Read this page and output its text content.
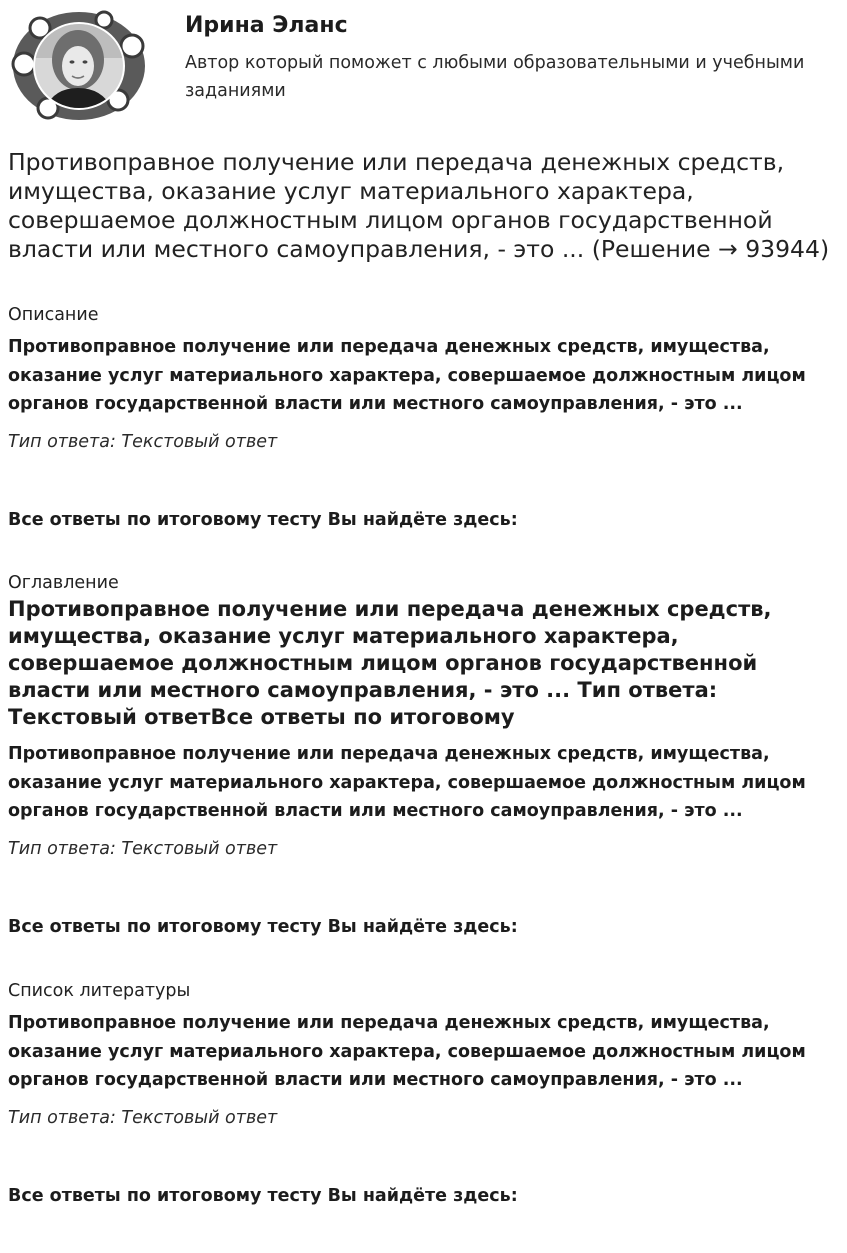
Ирина Эланс

Автор который поможет с любыми образовательными и учебными заданиями

Противоправное получение или передача денежных средств, имущества, оказание услуг материального характера, совершаемое должностным лицом органов государственной власти или местного самоуправления, - это ... (Решение → 93944)

Описание

Противоправное получение или передача денежных средств, имущества, оказание услуг материального характера, совершаемое должностным лицом органов государственной власти или местного самоуправления, - это ...

Тип ответа: Текстовый ответ

Все ответы по итоговому тесту Вы найдёте здесь:

Оглавление

Противоправное получение или передача денежных средств, имущества, оказание услуг материального характера, совершаемое должностным лицом органов государственной власти или местного самоуправления, - это ... Тип ответа: Текстовый ответВсе ответы по итоговому

Противоправное получение или передача денежных средств, имущества, оказание услуг материального характера, совершаемое должностным лицом органов государственной власти или местного самоуправления, - это ...

Тип ответа: Текстовый ответ

Все ответы по итоговому тесту Вы найдёте здесь:

Список литературы

Противоправное получение или передача денежных средств, имущества, оказание услуг материального характера, совершаемое должностным лицом органов государственной власти или местного самоуправления, - это ...

Тип ответа: Текстовый ответ

Все ответы по итоговому тесту Вы найдёте здесь:
